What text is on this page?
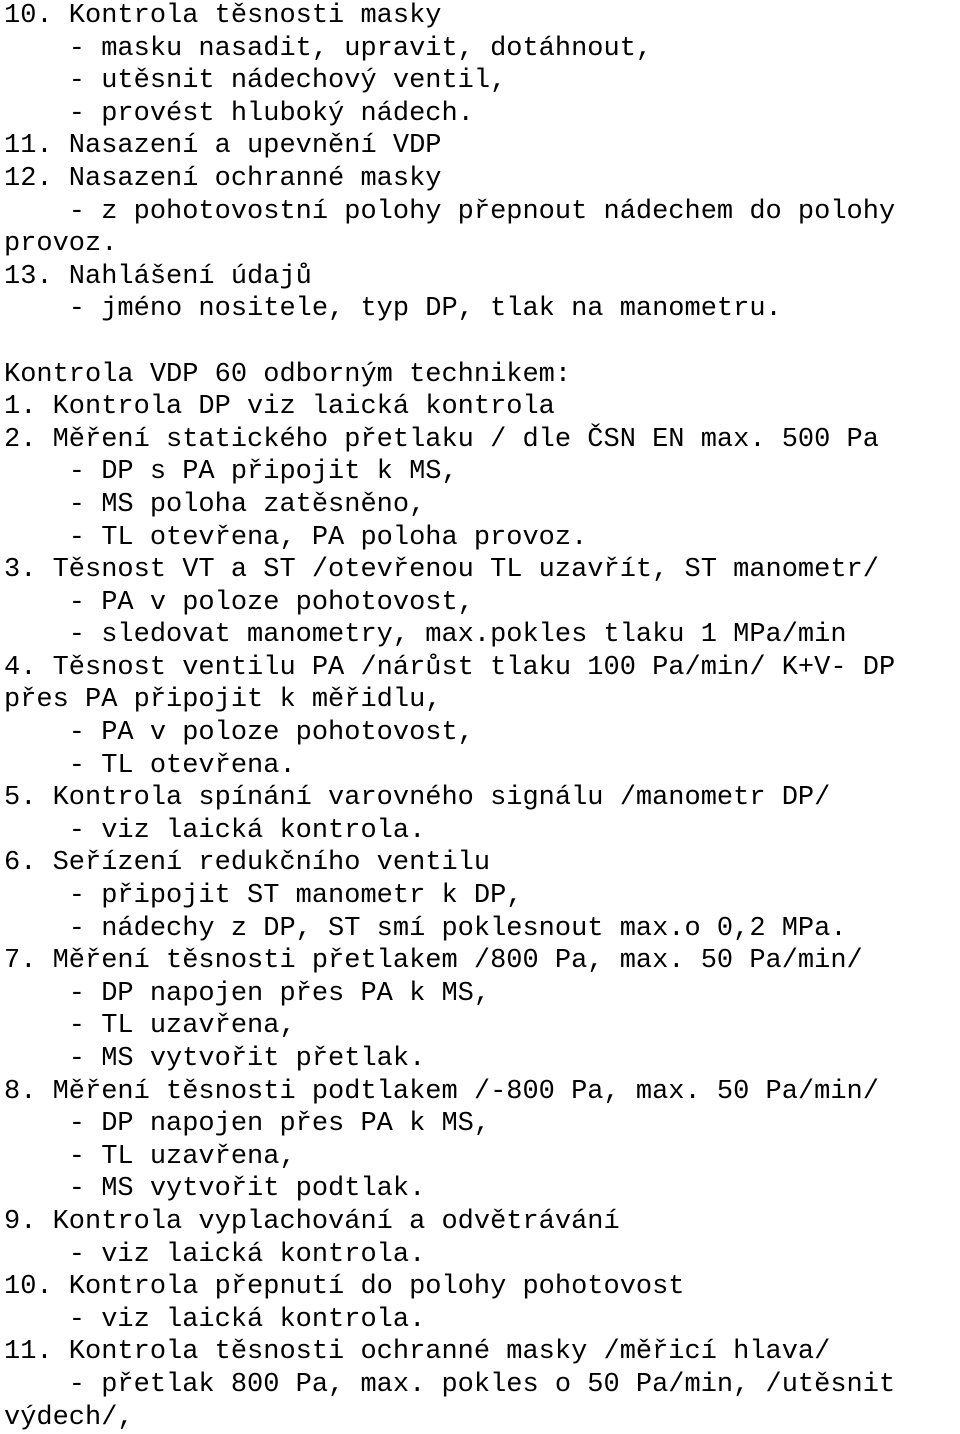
10. Kontrola těsnosti masky
- masku nasadit, upravit, dotáhnout,
- utěsnit nádechový ventil,
- provést hluboký nádech.
11. Nasazení a upevnění VDP
12. Nasazení ochranné masky
- z pohotovostní polohy přepnout nádechem do polohy
provoz.
13. Nahlášení údajů
- jméno nositele, typ DP, tlak na manometru.
Kontrola VDP 60 odborným technikem:
1. Kontrola DP viz laická kontrola
2. Měření statického přetlaku / dle ČSN EN max. 500 Pa
- DP s PA připojit k MS,
- MS poloha zatěsněno,
- TL otevřena, PA poloha provoz.
3. Těsnost VT a ST /otevřenou TL uzavřít, ST manometr/
- PA v poloze pohotovost,
- sledovat manometry, max.pokles tlaku 1 MPa/min
4. Těsnost ventilu PA /nárůst tlaku 100 Pa/min/ K+V- DP
přes PA připojit k měřidlu,
- PA v poloze pohotovost,
- TL otevřena.
5. Kontrola spínání varovného signálu /manometr DP/
- viz laická kontrola.
6. Seřízení redukčního ventilu
- připojit ST manometr k DP,
- nádechy z DP, ST smí poklesnout max.o 0,2 MPa.
7. Měření těsnosti přetlakem /800 Pa, max. 50 Pa/min/
- DP napojen přes PA k MS,
- TL uzavřena,
- MS vytvořit přetlak.
8. Měření těsnosti podtlakem /-800 Pa, max. 50 Pa/min/
- DP napojen přes PA k MS,
- TL uzavřena,
- MS vytvořit podtlak.
9. Kontrola vyplachování a odvětrávání
- viz laická kontrola.
10. Kontrola přepnutí do polohy pohotovost
- viz laická kontrola.
11. Kontrola těsnosti ochranné masky /měřicí hlava/
- přetlak 800 Pa, max. pokles o 50 Pa/min, /utěsnit
výdech/,
